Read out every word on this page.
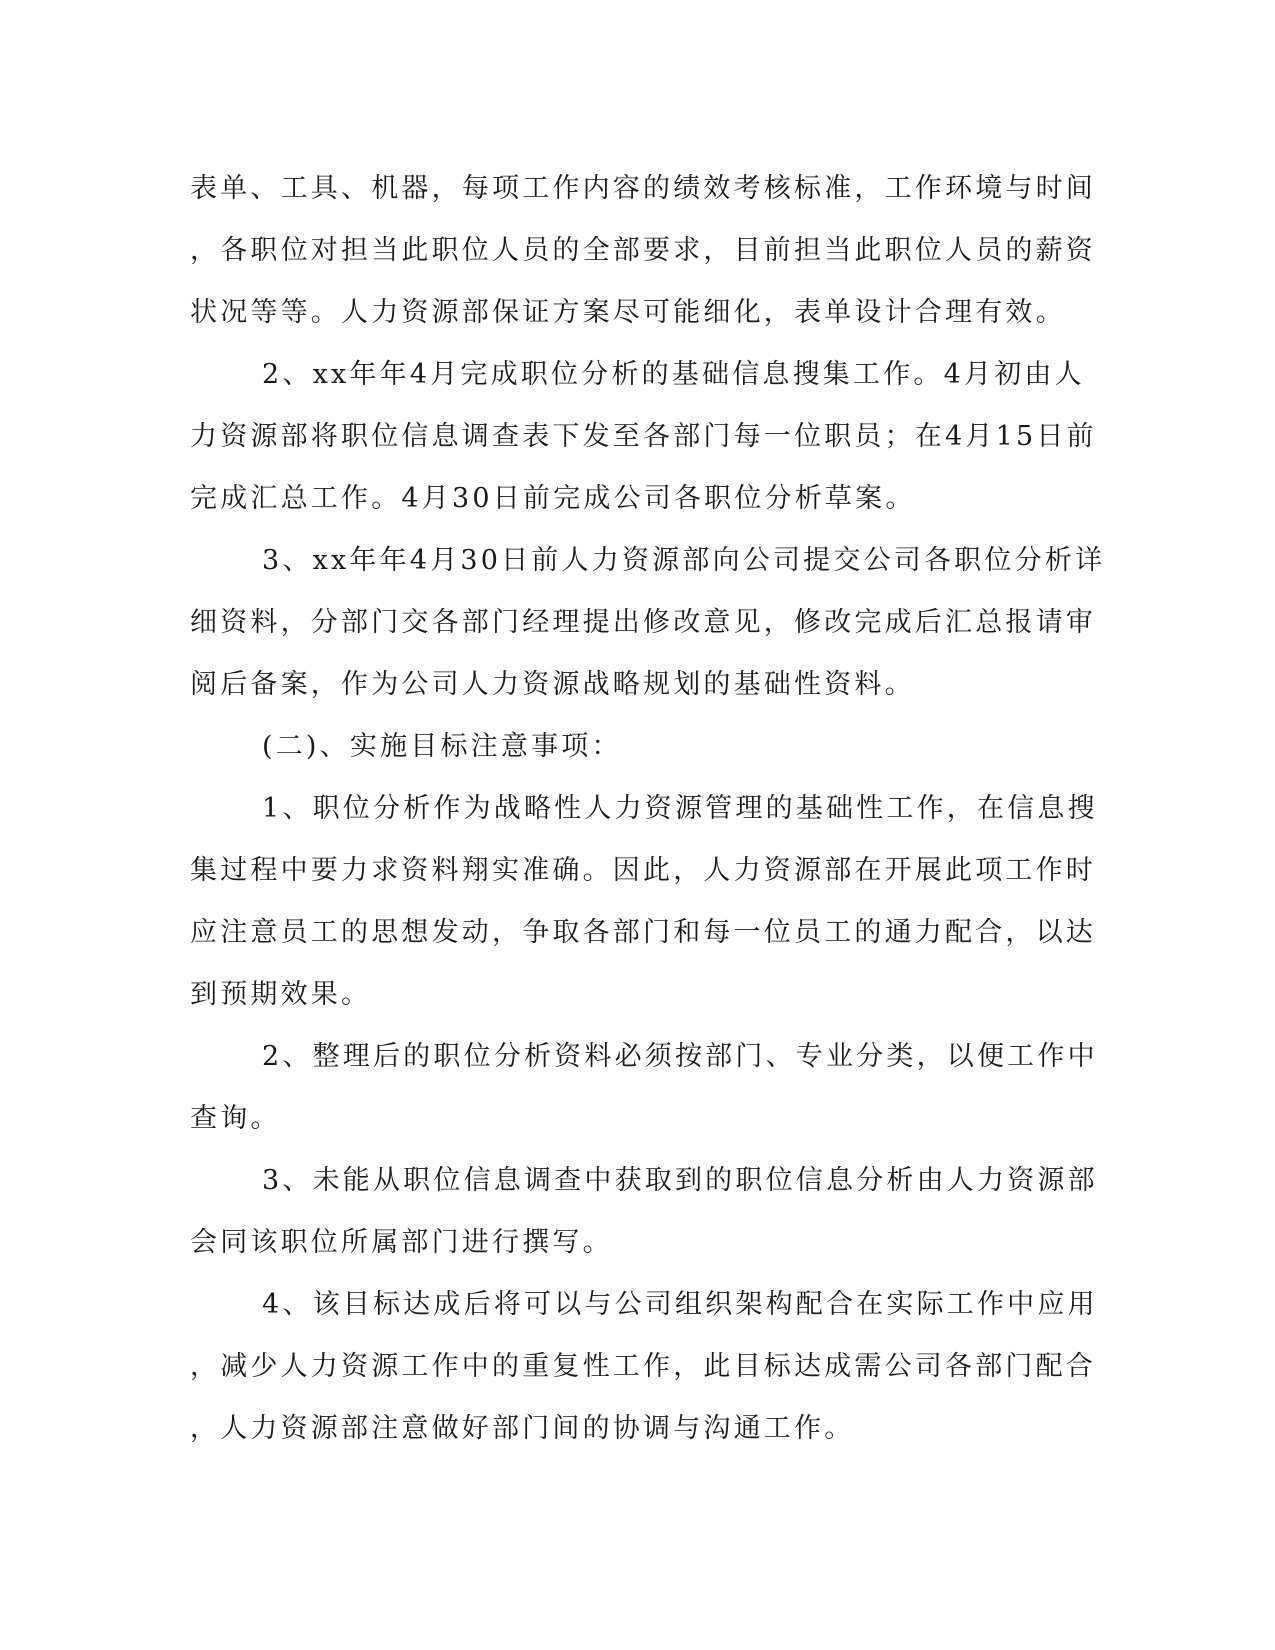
表单、工具、机器，每项工作内容的绩效考核标准，工作环境与时间
，各职位对担当此职位人员的全部要求，目前担当此职位人员的薪资
状况等等。人力资源部保证方案尽可能细化，表单设计合理有效。
2、xx年年4月完成职位分析的基础信息搜集工作。4月初由人
力资源部将职位信息调查表下发至各部门每一位职员；在4月15日前
完成汇总工作。4月30日前完成公司各职位分析草案。
3、xx年年4月30日前人力资源部向公司提交公司各职位分析详
细资料，分部门交各部门经理提出修改意见，修改完成后汇总报请审
阅后备案，作为公司人力资源战略规划的基础性资料。
(二)、实施目标注意事项：
1、职位分析作为战略性人力资源管理的基础性工作，在信息搜
集过程中要力求资料翔实准确。因此，人力资源部在开展此项工作时
应注意员工的思想发动，争取各部门和每一位员工的通力配合，以达
到预期效果。
2、整理后的职位分析资料必须按部门、专业分类，以便工作中
查询。
3、未能从职位信息调查中获取到的职位信息分析由人力资源部
会同该职位所属部门进行撰写。
4、该目标达成后将可以与公司组织架构配合在实际工作中应用
，减少人力资源工作中的重复性工作，此目标达成需公司各部门配合
，人力资源部注意做好部门间的协调与沟通工作。
